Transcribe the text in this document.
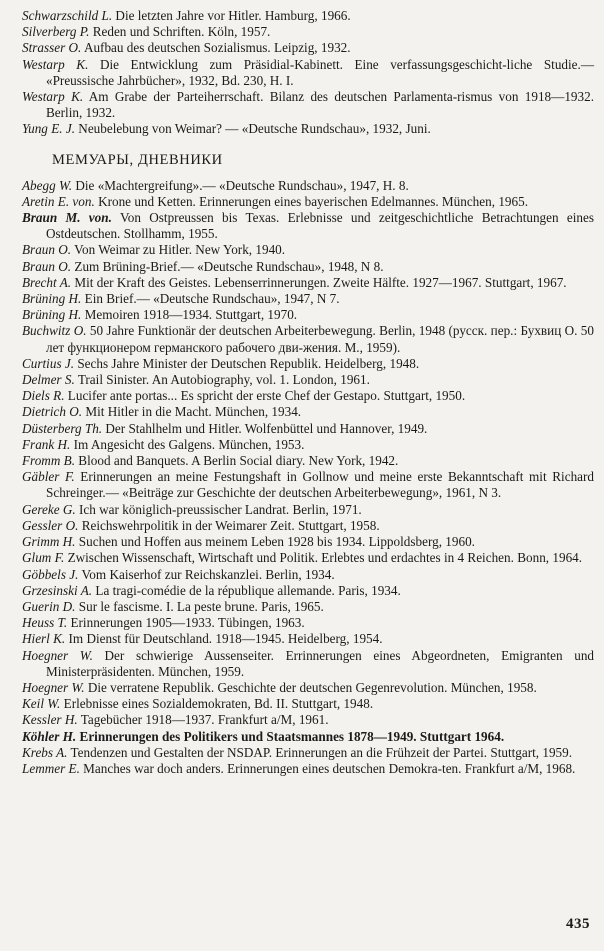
Schwarzschild L. Die letzten Jahre vor Hitler. Hamburg, 1966.

Silverberg P. Reden und Schriften. Köln, 1957.

Strasser O. Aufbau des deutschen Sozialismus. Leipzig, 1932.

Westarp K. Die Entwicklung zum Präsidial-Kabinett. Eine verfassungsgeschicht-liche Studie.— «Preussische Jahrbücher», 1932, Bd. 230, H. I.

Westarp K. Am Grabe der Parteiherrschaft. Bilanz des deutschen Parlamenta-rismus von 1918—1932. Berlin, 1932.

Yung E. J. Neubelebung von Weimar? — «Deutsche Rundschau», 1932, Juni.

МЕМУАРЫ, ДНЕВНИКИ

Abegg W. Die «Machtergreifung».— «Deutsche Rundschau», 1947, H. 8.

Aretin E. von. Krone und Ketten. Erinnerungen eines bayerischen Edelmannes. München, 1965.

Braun M. von. Von Ostpreussen bis Texas. Erlebnisse und zeitgeschichtliche Betrachtungen eines Ostdeutschen. Stollhamm, 1955.

Braun O. Von Weimar zu Hitler. New York, 1940.

Braun O. Zum Brüning-Brief.— «Deutsche Rundschau», 1948, N 8.

Brecht A. Mit der Kraft des Geistes. Lebenserrinnerungen. Zweite Hälfte. 1927—1967. Stuttgart, 1967.

Brüning H. Ein Brief.— «Deutsche Rundschau», 1947, N 7.

Brüning H. Memoiren 1918—1934. Stuttgart, 1970.

Buchwitz O. 50 Jahre Funktionär der deutschen Arbeiterbewegung. Berlin, 1948 (русск. пер.: Бухвиц О. 50 лет функционером германского рабочего дви-жения. М., 1959).

Curtius J. Sechs Jahre Minister der Deutschen Republik. Heidelberg, 1948.

Delmer S. Trail Sinister. An Autobiography, vol. 1. London, 1961.

Diels R. Lucifer ante portas... Es spricht der erste Chef der Gestapo. Stuttgart, 1950.

Dietrich O. Mit Hitler in die Macht. München, 1934.

Düsterberg Th. Der Stahlhelm und Hitler. Wolfenbüttel und Hannover, 1949.

Frank H. Im Angesicht des Galgens. München, 1953.

Fromm B. Blood and Banquets. A Berlin Social diary. New York, 1942.

Gäbler F. Erinnerungen an meine Festungshaft in Gollnow und meine erste Bekanntschaft mit Richard Schreinger.— «Beiträge zur Geschichte der deutschen Arbeiterbewegung», 1961, N 3.

Gereke G. Ich war königlich-preussischer Landrat. Berlin, 1971.

Gessler O. Reichswehrpolitik in der Weimarer Zeit. Stuttgart, 1958.

Grimm H. Suchen und Hoffen aus meinem Leben 1928 bis 1934. Lippoldsberg, 1960.

Glum F. Zwischen Wissenschaft, Wirtschaft und Politik. Erlebtes und erdachtes in 4 Reichen. Bonn, 1964.

Göbbels J. Vom Kaiserhof zur Reichskanzlei. Berlin, 1934.

Grzesinski A. La tragi-comédie de la république allemande. Paris, 1934.

Guerin D. Sur le fascisme. I. La peste brune. Paris, 1965.

Heuss T. Erinnerungen 1905—1933. Tübingen, 1963.

Hierl K. Im Dienst für Deutschland. 1918—1945. Heidelberg, 1954.

Hoegner W. Der schwierige Aussenseiter. Errinnerungen eines Abgeordneten, Emigranten und Ministerpräsidenten. München, 1959.

Hoegner W. Die verratene Republik. Geschichte der deutschen Gegenrevolution. München, 1958.

Keil W. Erlebnisse eines Sozialdemokraten, Bd. II. Stuttgart, 1948.

Kessler H. Tagebücher 1918—1937. Frankfurt a/M, 1961.

Köhler H. Erinnerungen des Politikers und Staatsmannes 1878—1949. Stuttgart 1964.

Krebs A. Tendenzen und Gestalten der NSDAP. Erinnerungen an die Frühzeit der Partei. Stuttgart, 1959.

Lemmer E. Manches war doch anders. Erinnerungen eines deutschen Demokra-ten. Frankfurt a/M, 1968.

435
